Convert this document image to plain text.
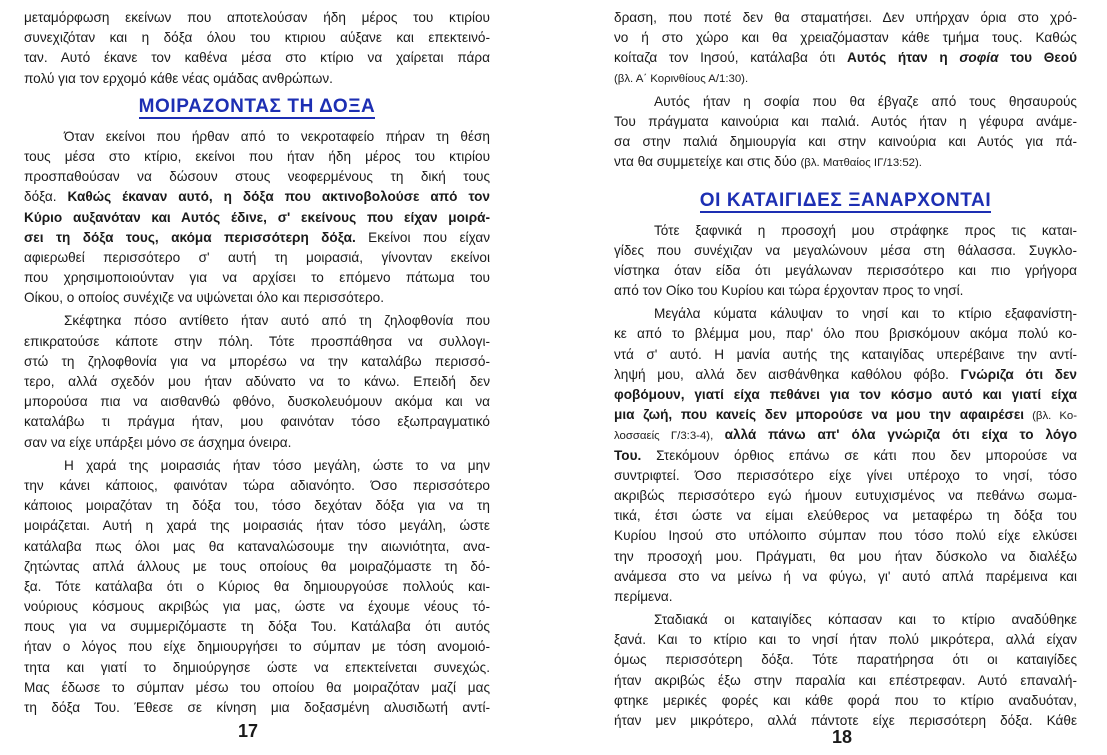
μεταμόρφωση εκείνων που αποτελούσαν ήδη μέρος του κτιρίου
συνεχιζόταν και η δόξα όλου του κτιριου αύξανε και επεκτεινό-
ταν. Αυτό έκανε τον καθένα μέσα στο κτίριο να χαίρεται πάρα
πολύ για τον ερχομό κάθε νέας ομάδας ανθρώπων.
ΜΟΙΡΑΖΟΝΤΑΣ ΤΗ ΔΟΞΑ
Όταν εκείνοι που ήρθαν από το νεκροταφείο πήραν τη θέση
τους μέσα στο κτίριο, εκείνοι που ήταν ήδη μέρος του κτιρίου
προσπαθούσαν να δώσουν στους νεοφερμένους τη δική τους
δόξα. Καθώς έκαναν αυτό, η δόξα που ακτινοβολούσε από τον
Κύριο αυξανόταν και Αυτός έδινε, σ' εκείνους που είχαν μοιρά-
σει τη δόξα τους, ακόμα περισσότερη δόξα. Εκείνοι που είχαν
αφιερωθεί περισσότερο σ' αυτή τη μοιρασιά, γίνονταν εκείνοι
που χρησιμοποιούνταν για να αρχίσει το επόμενο πάτωμα του
Οίκου, ο οποίος συνέχιζε να υψώνεται όλο και περισσότερο.
Σκέφτηκα πόσο αντίθετο ήταν αυτό από τη ζηλοφθονία που
επικρατούσε κάποτε στην πόλη. Τότε προσπάθησα να συλλογι-
στώ τη ζηλοφθονία για να μπορέσω να την καταλάβω περισσό-
τερο, αλλά σχεδόν μου ήταν αδύνατο να το κάνω. Επειδή δεν
μπορούσα πια να αισθανθώ φθόνο, δυσκολευόμουν ακόμα και να
καταλάβω τι πράγμα ήταν, μου φαινόταν τόσο εξωπραγματικό
σαν να είχε υπάρξει μόνο σε άσχημα όνειρα.
Η χαρά της μοιρασιάς ήταν τόσο μεγάλη, ώστε το να μην
την κάνει κάποιος, φαινόταν τώρα αδιανόητο. Όσο περισσότερο
κάποιος μοιραζόταν τη δόξα του, τόσο δεχόταν δόξα για να τη
μοιράζεται. Αυτή η χαρά της μοιρασιάς ήταν τόσο μεγάλη, ώστε
κατάλαβα πως όλοι μας θα καταναλώσουμε την αιωνιότητα, ανα-
ζητώντας απλά άλλους με τους οποίους θα μοιραζόμαστε τη δό-
ξα. Τότε κατάλαβα ότι ο Κύριος θα δημιουργούσε πολλούς και-
νούριους κόσμους ακριβώς για μας, ώστε να έχουμε νέους τό-
πους για να συμμεριζόμαστε τη δόξα Του. Κατάλαβα ότι αυτός
ήταν ο λόγος που είχε δημιουργήσει το σύμπαν με τόση ανομοιό-
τητα και γιατί το δημιούργησε ώστε να επεκτείνεται συνεχώς.
Μας έδωσε το σύμπαν μέσω του οποίου θα μοιραζόταν μαζί μας
τη δόξα Του. Έθεσε σε κίνηση μια δοξασμένη αλυσιδωτή αντί-
17
δραση, που ποτέ δεν θα σταματήσει. Δεν υπήρχαν όρια στο χρό-
νο ή στο χώρο και θα χρειαζόμασταν κάθε τμήμα τους. Καθώς
κοίταζα τον Ιησού, κατάλαβα ότι Αυτός ήταν η σοφία του Θεού
(βλ. Α΄ Κορινθίους Α/1:30).
Αυτός ήταν η σοφία που θα έβγαζε από τους θησαυρούς
Του πράγματα καινούρια και παλιά. Αυτός ήταν η γέφυρα ανάμε-
σα στην παλιά δημιουργία και στην καινούρια και Αυτός για πά-
ντα θα συμμετείχε και στις δύο (βλ. Ματθαίος ΙΓ/13:52).
ΟΙ ΚΑΤΑΙΓΙΔΕΣ ΞΑΝΑΡΧΟΝΤΑΙ
Τότε ξαφνικά η προσοχή μου στράφηκε προς τις καται-
γίδες που συνέχιζαν να μεγαλώνουν μέσα στη θάλασσα. Συγκλο-
νίστηκα όταν είδα ότι μεγάλωναν περισσότερο και πιο γρήγορα
από τον Οίκο του Κυρίου και τώρα έρχονταν προς το νησί.
Μεγάλα κύματα κάλυψαν το νησί και το κτίριο εξαφανίστη-
κε από το βλέμμα μου, παρ' όλο που βρισκόμουν ακόμα πολύ κο-
ντά σ' αυτό. Η μανία αυτής της καταιγίδας υπερέβαινε την αντί-
ληψή μου, αλλά δεν αισθάνθηκα καθόλου φόβο. Γνώριζα ότι δεν
φοβόμουν, γιατί είχα πεθάνει για τον κόσμο αυτό και γιατί είχα
μια ζωή, που κανείς δεν μπορούσε να μου την αφαιρέσει (βλ. Κο-
λοσσαείς Γ/3:3-4), αλλά πάνω απ' όλα γνώριζα ότι είχα το λόγο
Του. Στεκόμουν όρθιος επάνω σε κάτι που δεν μπορούσε να
συντριφτεί. Όσο περισσότερο είχε γίνει υπέροχο το νησί, τόσο
ακριβώς περισσότερο εγώ ήμουν ευτυχισμένος να πεθάνω σωμα-
τικά, έτσι ώστε να είμαι ελεύθερος να μεταφέρω τη δόξα του
Κυρίου Ιησού στο υπόλοιπο σύμπαν που τόσο πολύ είχε ελκύσει
την προσοχή μου. Πράγματι, θα μου ήταν δύσκολο να διαλέξω
ανάμεσα στο να μείνω ή να φύγω, γι' αυτό απλά παρέμεινα και
περίμενα.
Σταδιακά οι καταιγίδες κόπασαν και το κτίριο αναδύθηκε
ξανά. Και το κτίριο και το νησί ήταν πολύ μικρότερα, αλλά είχαν
όμως περισσότερη δόξα. Τότε παρατήρησα ότι οι καταιγίδες
ήταν ακριβώς έξω στην παραλία και επέστρεφαν. Αυτό επαναλή-
φτηκε μερικές φορές και κάθε φορά που το κτίριο αναδυόταν,
ήταν μεν μικρότερο, αλλά πάντοτε είχε περισσότερη δόξα. Κάθε
18
